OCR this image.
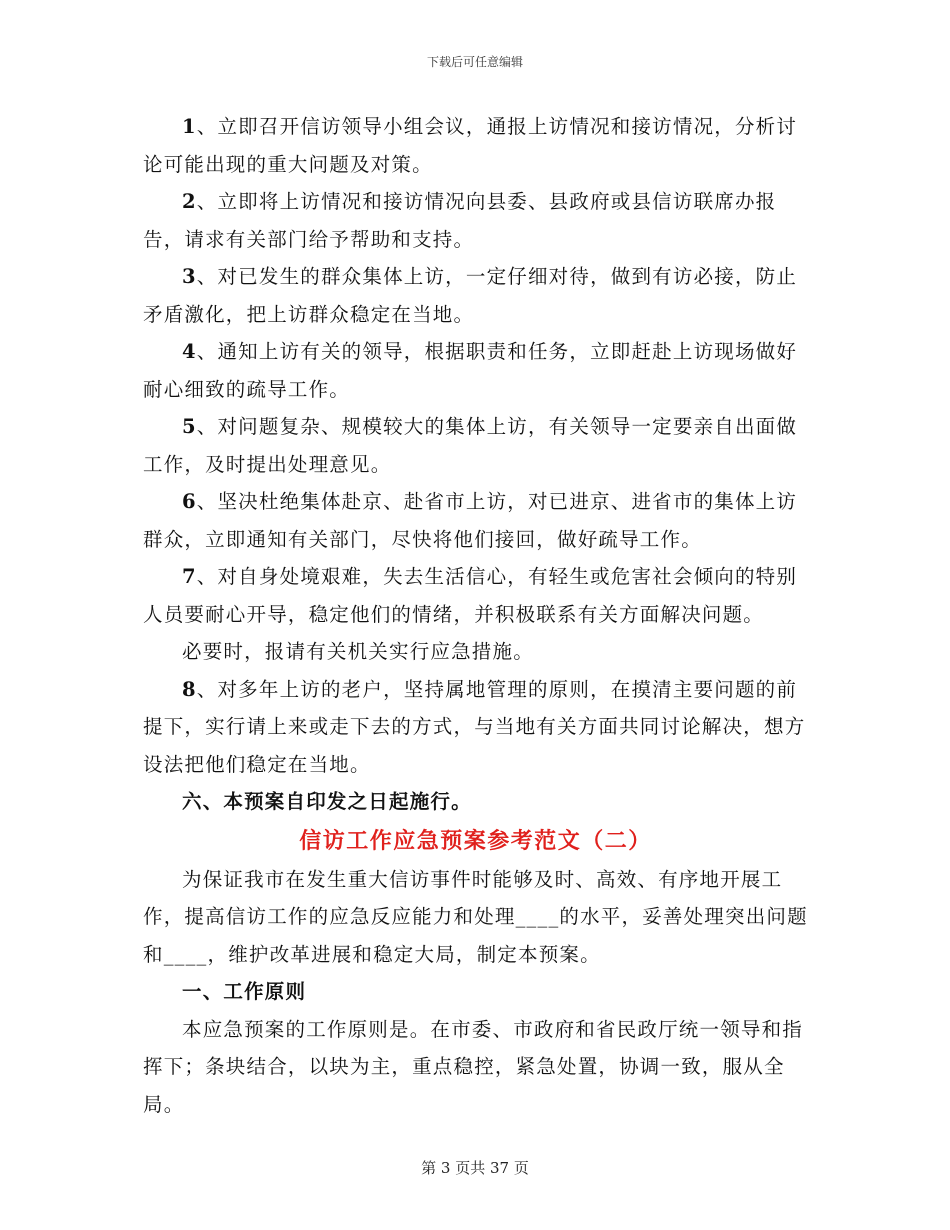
下载后可任意编辑

1、立即召开信访领导小组会议，通报上访情况和接访情况，分析讨论可能出现的重大问题及对策。

2、立即将上访情况和接访情况向县委、县政府或县信访联席办报告，请求有关部门给予帮助和支持。

3、对已发生的群众集体上访，一定仔细对待，做到有访必接，防止矛盾激化，把上访群众稳定在当地。

4、通知上访有关的领导，根据职责和任务，立即赶赴上访现场做好耐心细致的疏导工作。

5、对问题复杂、规模较大的集体上访，有关领导一定要亲自出面做工作，及时提出处理意见。

6、坚决杜绝集体赴京、赴省市上访，对已进京、进省市的集体上访群众，立即通知有关部门，尽快将他们接回，做好疏导工作。

7、对自身处境艰难，失去生活信心，有轻生或危害社会倾向的特别人员要耐心开导，稳定他们的情绪，并积极联系有关方面解决问题。

必要时，报请有关机关实行应急措施。

8、对多年上访的老户，坚持属地管理的原则，在摸清主要问题的前提下，实行请上来或走下去的方式，与当地有关方面共同讨论解决，想方设法把他们稳定在当地。

六、本预案自印发之日起施行。

信访工作应急预案参考范文（二）

为保证我市在发生重大信访事件时能够及时、高效、有序地开展工作，提高信访工作的应急反应能力和处理____的水平，妥善处理突出问题和____，维护改革进展和稳定大局，制定本预案。

一、工作原则

本应急预案的工作原则是。在市委、市政府和省民政厅统一领导和指挥下；条块结合，以块为主，重点稳控，紧急处置，协调一致，服从全局。

第 3 页共 37 页
